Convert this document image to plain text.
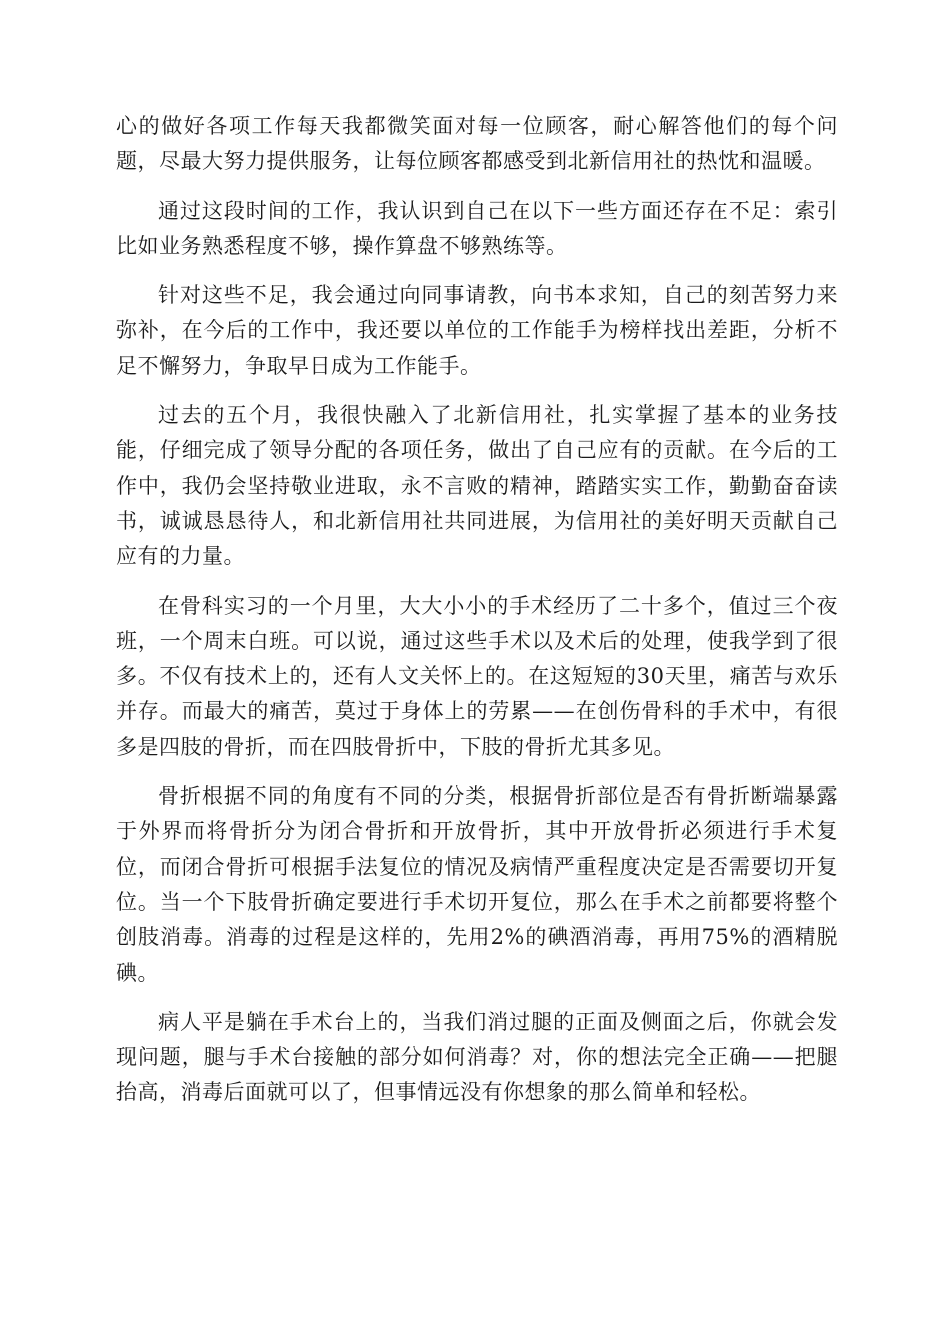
心的做好各项工作每天我都微笑面对每一位顾客，耐心解答他们的每个问题，尽最大努力提供服务，让每位顾客都感受到北新信用社的热忱和温暖。

通过这段时间的工作，我认识到自己在以下一些方面还存在不足：索引比如业务熟悉程度不够，操作算盘不够熟练等。

针对这些不足，我会通过向同事请教，向书本求知，自己的刻苦努力来弥补，在今后的工作中，我还要以单位的工作能手为榜样找出差距，分析不足不懈努力，争取早日成为工作能手。

过去的五个月，我很快融入了北新信用社，扎实掌握了基本的业务技能，仔细完成了领导分配的各项任务，做出了自己应有的贡献。在今后的工作中，我仍会坚持敬业进取，永不言败的精神，踏踏实实工作，勤勤奋奋读书，诚诚恳恳待人，和北新信用社共同进展，为信用社的美好明天贡献自己应有的力量。

在骨科实习的一个月里，大大小小的手术经历了二十多个，值过三个夜班，一个周末白班。可以说，通过这些手术以及术后的处理，使我学到了很多。不仅有技术上的，还有人文关怀上的。在这短短的30天里，痛苦与欢乐并存。而最大的痛苦，莫过于身体上的劳累——在创伤骨科的手术中，有很多是四肢的骨折，而在四肢骨折中，下肢的骨折尤其多见。

骨折根据不同的角度有不同的分类，根据骨折部位是否有骨折断端暴露于外界而将骨折分为闭合骨折和开放骨折，其中开放骨折必须进行手术复位，而闭合骨折可根据手法复位的情况及病情严重程度决定是否需要切开复位。当一个下肢骨折确定要进行手术切开复位，那么在手术之前都要将整个创肢消毒。消毒的过程是这样的，先用2%的碘酒消毒，再用75%的酒精脱碘。

病人平是躺在手术台上的，当我们消过腿的正面及侧面之后，你就会发现问题，腿与手术台接触的部分如何消毒？对，你的想法完全正确——把腿抬高，消毒后面就可以了，但事情远没有你想象的那么简单和轻松。
